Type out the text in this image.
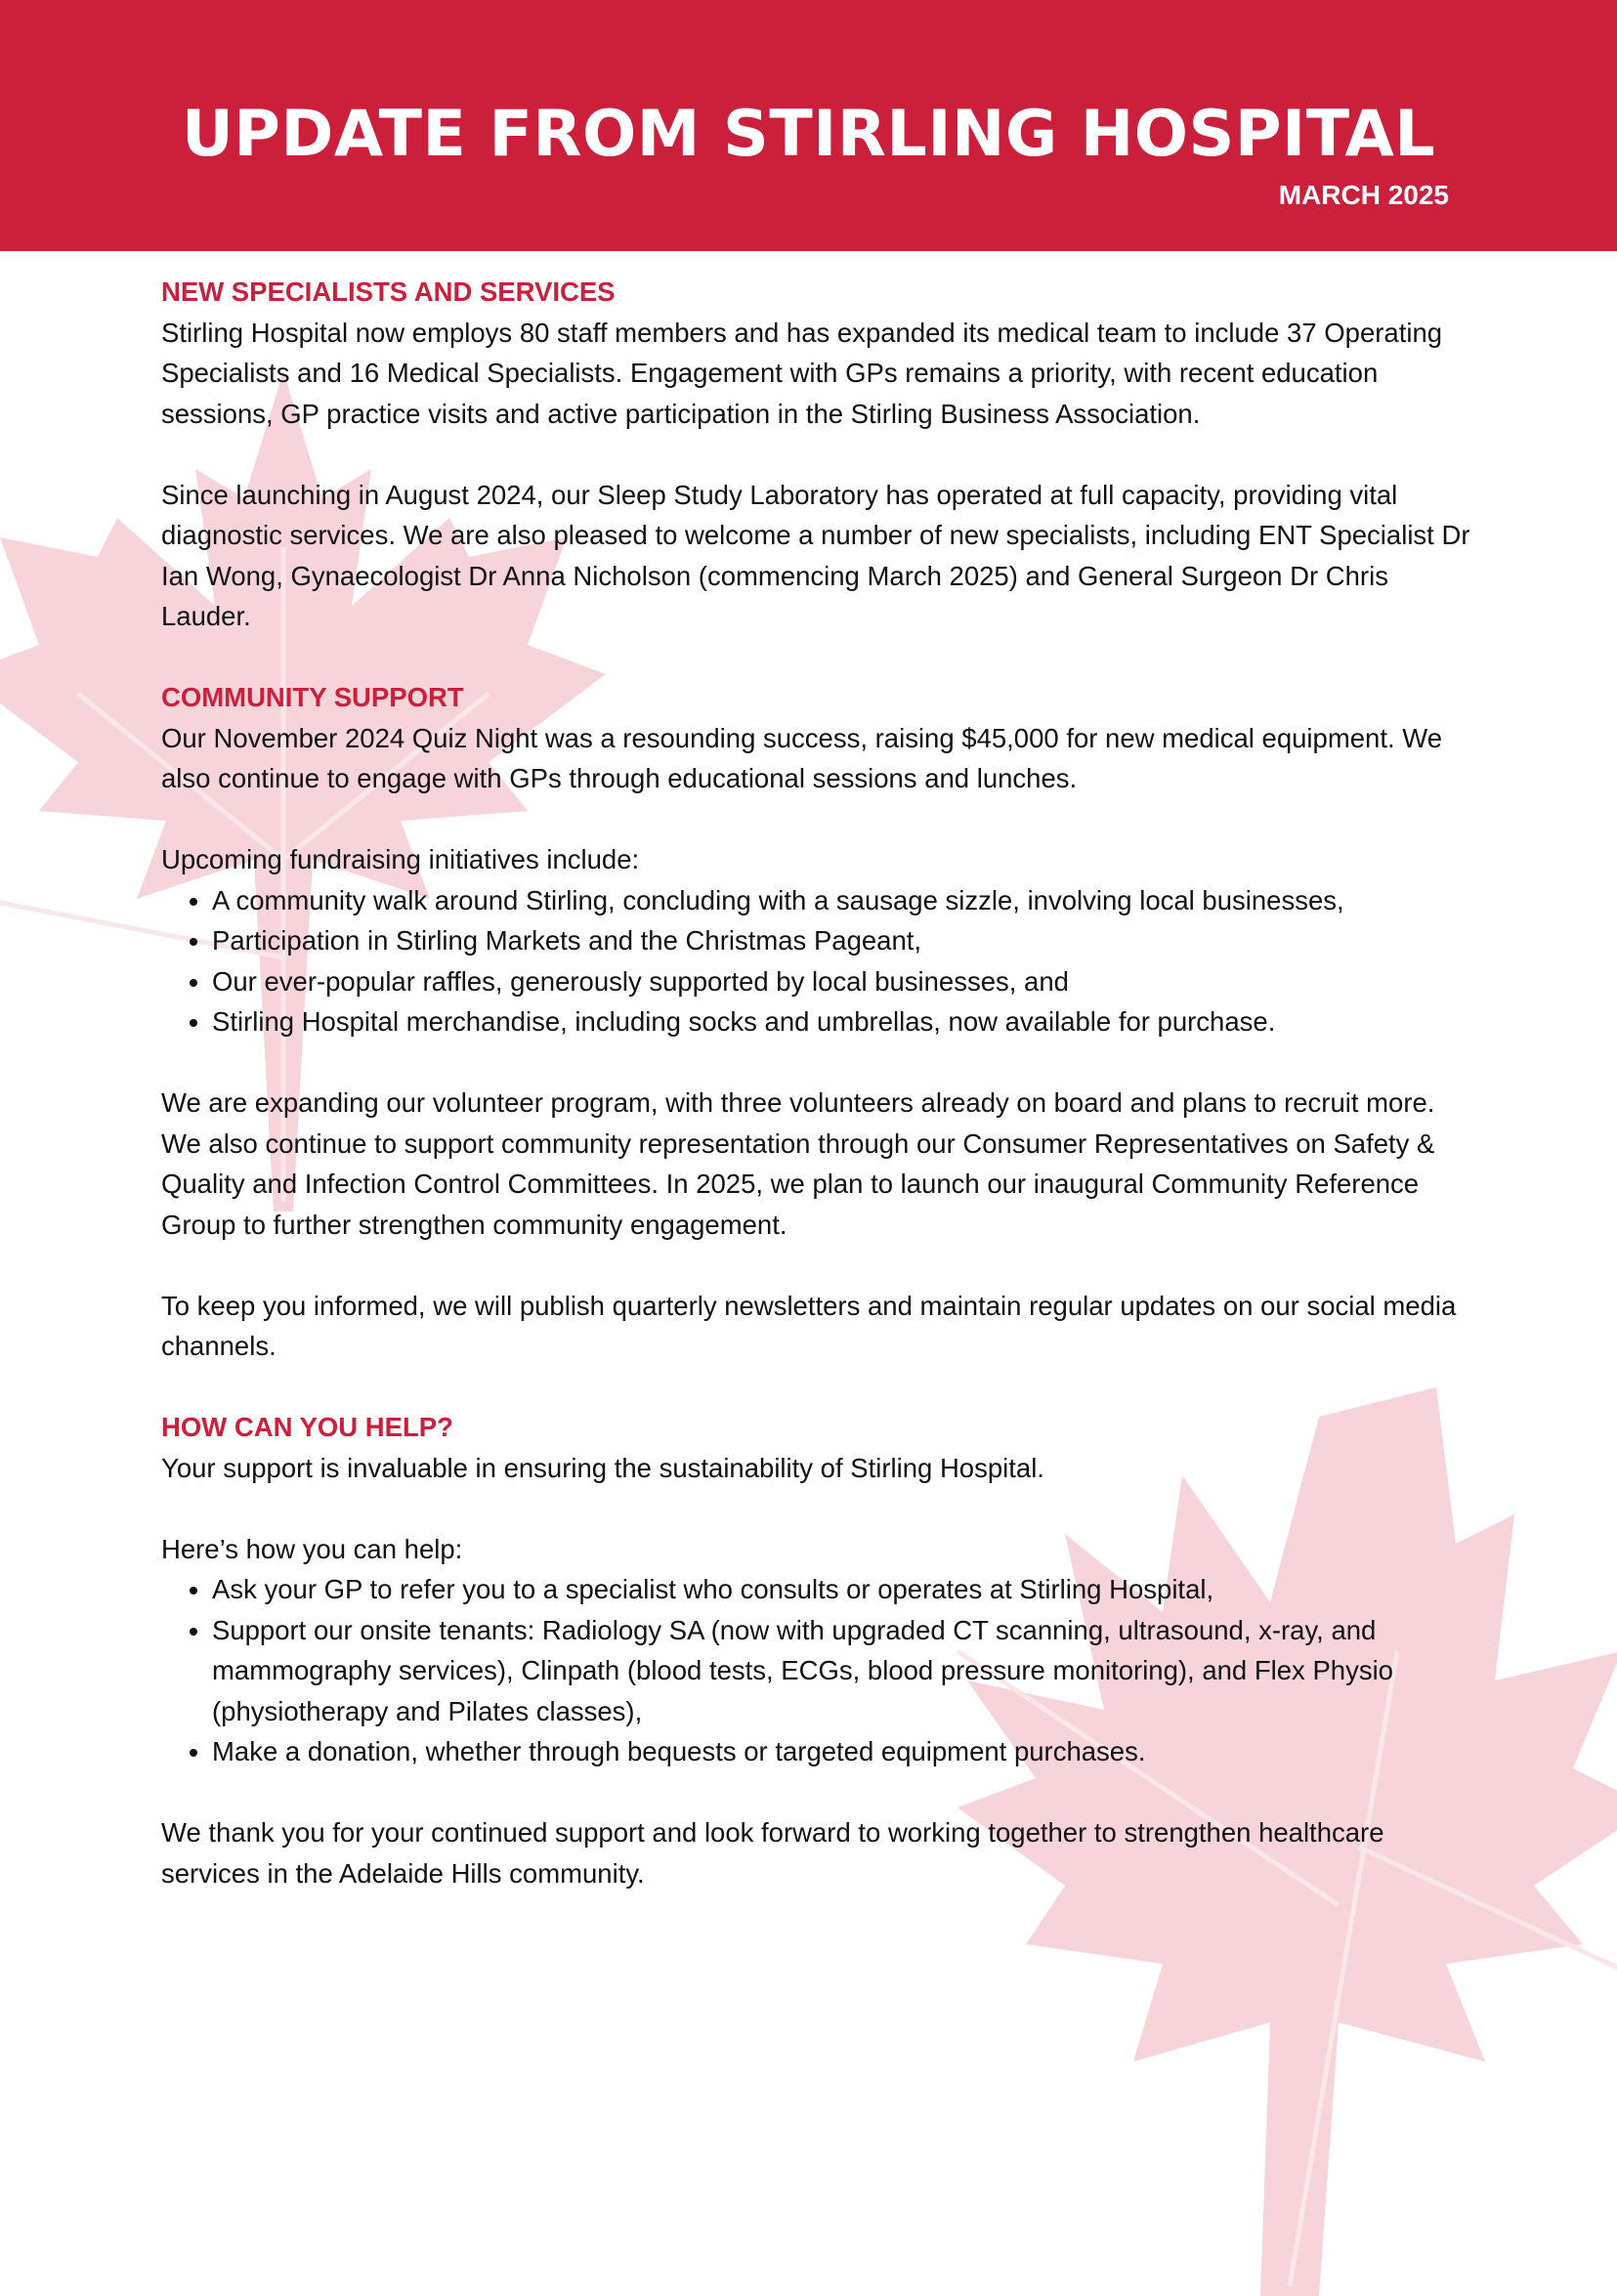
UPDATE FROM STIRLING HOSPITAL
MARCH 2025

NEW SPECIALISTS AND SERVICES

Stirling Hospital now employs 80 staff members and has expanded its medical team to include 37 Operating Specialists and 16 Medical Specialists. Engagement with GPs remains a priority, with recent education sessions, GP practice visits and active participation in the Stirling Business Association.

Since launching in August 2024, our Sleep Study Laboratory has operated at full capacity, providing vital diagnostic services. We are also pleased to welcome a number of new specialists, including ENT Specialist Dr Ian Wong, Gynaecologist Dr Anna Nicholson (commencing March 2025) and General Surgeon Dr Chris Lauder.

COMMUNITY SUPPORT

Our November 2024 Quiz Night was a resounding success, raising $45,000 for new medical equipment. We also continue to engage with GPs through educational sessions and lunches.

Upcoming fundraising initiatives include:

• A community walk around Stirling, concluding with a sausage sizzle, involving local businesses,
• Participation in Stirling Markets and the Christmas Pageant,
• Our ever-popular raffles, generously supported by local businesses, and
• Stirling Hospital merchandise, including socks and umbrellas, now available for purchase.

We are expanding our volunteer program, with three volunteers already on board and plans to recruit more. We also continue to support community representation through our Consumer Representatives on Safety & Quality and Infection Control Committees. In 2025, we plan to launch our inaugural Community Reference Group to further strengthen community engagement.

To keep you informed, we will publish quarterly newsletters and maintain regular updates on our social media channels.

HOW CAN YOU HELP?

Your support is invaluable in ensuring the sustainability of Stirling Hospital.

Here’s how you can help:

• Ask your GP to refer you to a specialist who consults or operates at Stirling Hospital,
• Support our onsite tenants: Radiology SA (now with upgraded CT scanning, ultrasound, x-ray, and mammography services), Clinpath (blood tests, ECGs, blood pressure monitoring), and Flex Physio (physiotherapy and Pilates classes),
• Make a donation, whether through bequests or targeted equipment purchases.

We thank you for your continued support and look forward to working together to strengthen healthcare services in the Adelaide Hills community.
